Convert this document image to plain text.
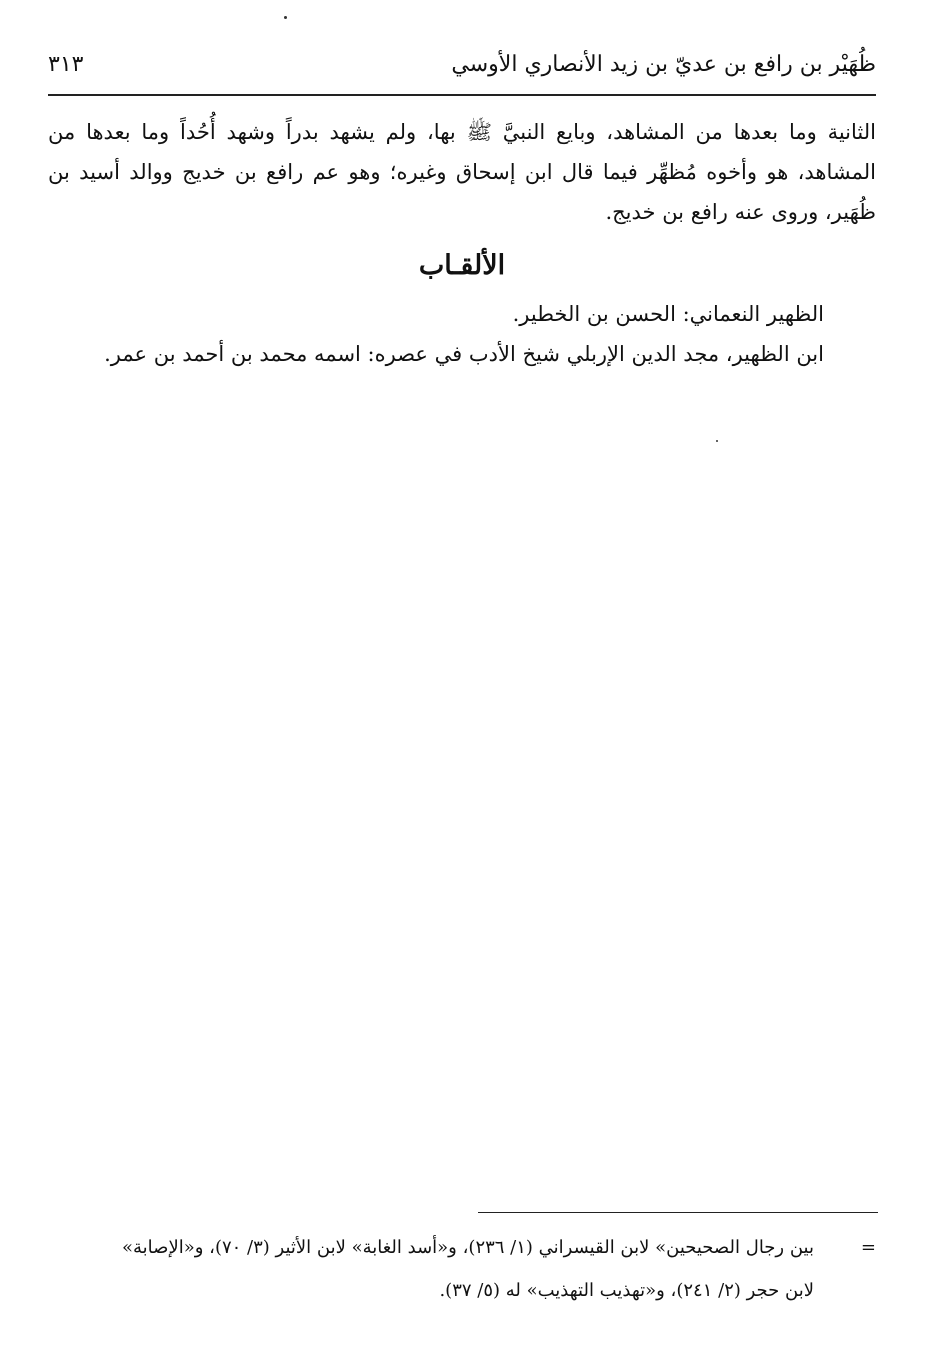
ظُهَيْر بن رافع بن عديّ بن زيد الأنصاري الأوسي
٣١٣

الثانية وما بعدها من المشاهد، وبايع النبيَّ ﷺ بها، ولم يشهد بدراً وشهد أُحُداً وما بعدها من المشاهد، هو وأخوه مُظهِّر فيما قال ابن إسحاق وغيره؛ وهو عم رافع بن خديج ووالد أسيد بن ظُهَير، وروى عنه رافع بن خديج.

الألقـاب

الظهير النعماني: الحسن بن الخطير.

ابن الظهير، مجد الدين الإربلي شيخ الأدب في عصره: اسمه محمد بن أحمد بن عمر.

=

بين رجال الصحيحين» لابن القيسراني (١/ ٢٣٦)، و«أسد الغابة» لابن الأثير (٣/ ٧٠)، و«الإصابة»

لابن حجر (٢/ ٢٤١)، و«تهذيب التهذيب» له (٥/ ٣٧).
